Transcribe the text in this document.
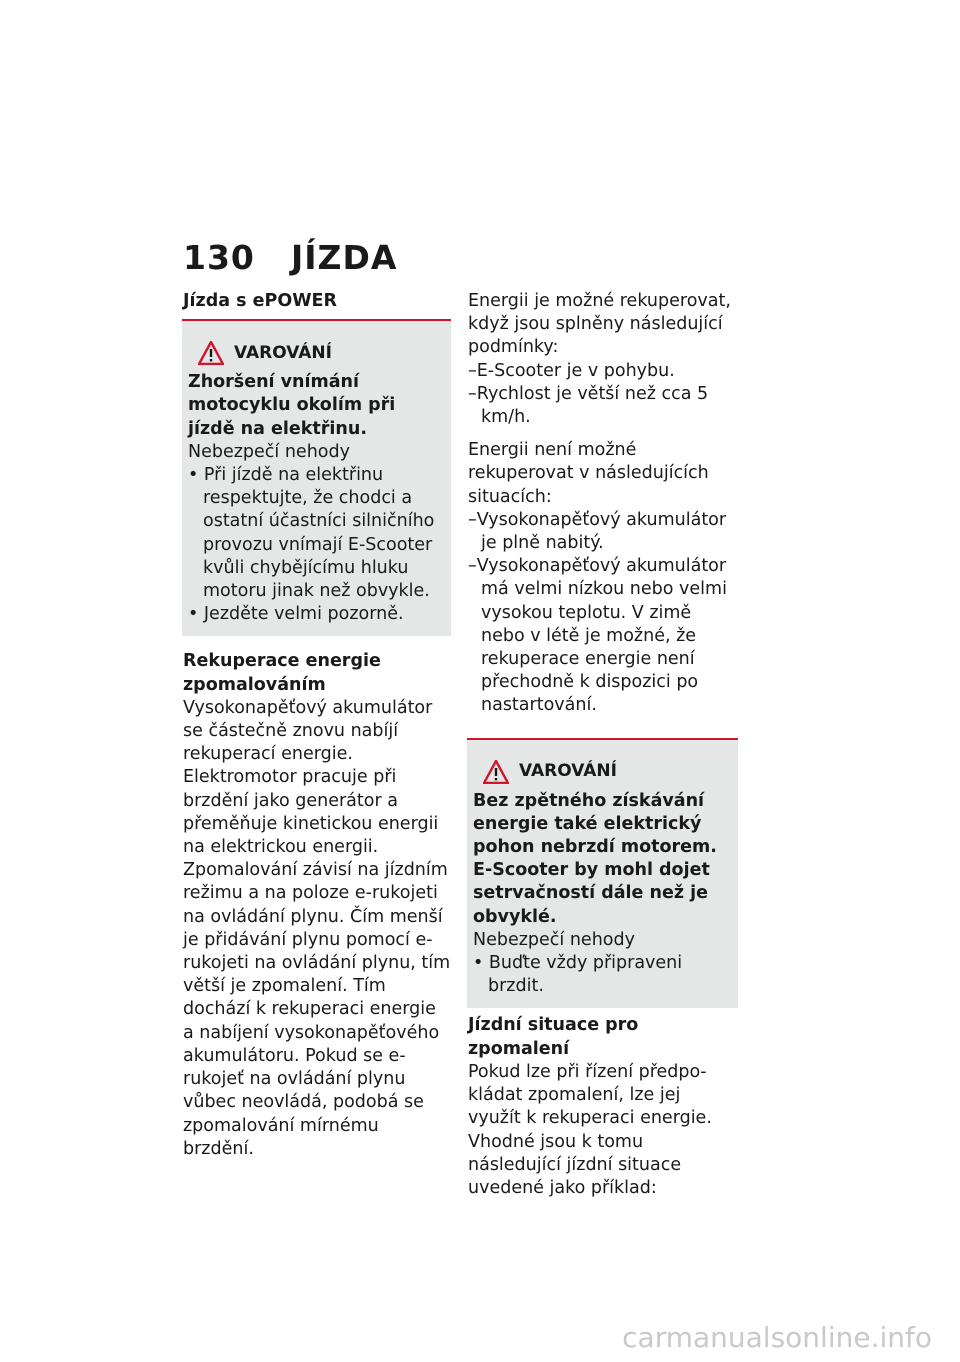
130 JÍZDA

Jízda s ePOWER

VAROVÁNÍ

Zhoršení vnímání motocyklu okolím při jízdě na elektřinu.

Nebezpečí nehody

• Při jízdě na elektřinu respektujte, že chodci a ostatní účastníci silničního provozu vnímají E-Scooter kvůli chybějícímu hluku motoru jinak než obvykle.

• Jezděte velmi pozorně.

Rekuperace energie zpomalováním

Vysokonapěťový akumulátor se částečně znovu nabíjí rekuperací energie. Elektromotor pracuje při brzdění jako generátor a přeměňuje kinetickou energii na elektrickou energii.

Zpomalování závisí na jízdním režimu a na poloze e-rukojeti na ovládání plynu. Čím menší je přidávání plynu pomocí e-rukojeti na ovládání plynu, tím větší je zpomalení. Tím dochází k rekuperaci energie a nabíjení vysokonapěťového akumulátoru. Pokud se e-rukojeť na ovládání plynu vůbec neovládá, podobá se zpomalování mírnému brzdění.

Energii je možné rekuperovat, když jsou splněny následující podmínky:

–E-Scooter je v pohybu.

–Rychlost je větší než cca 5 km/h.

Energii není možné rekuperovat v následujících situacích:

–Vysokonapěťový akumulátor je plně nabitý.

–Vysokonapěťový akumulátor má velmi nízkou nebo velmi vysokou teplotu. V zimě nebo v létě je možné, že rekuperace energie není přechodně k dispozici po nastartování.

VAROVÁNÍ

Bez zpětného získávání energie také elektrický pohon nebrzdí motorem. E-Scooter by mohl dojet setrvačností dále než je obvyklé.

Nebezpečí nehody

• Buďte vždy připraveni brzdit.

Jízdní situace pro zpomalení

Pokud lze při řízení předpokládat zpomalení, lze jej využít k rekuperaci energie. Vhodné jsou k tomu následující jízdní situace uvedené jako příklad:

carmanualsonline.info
